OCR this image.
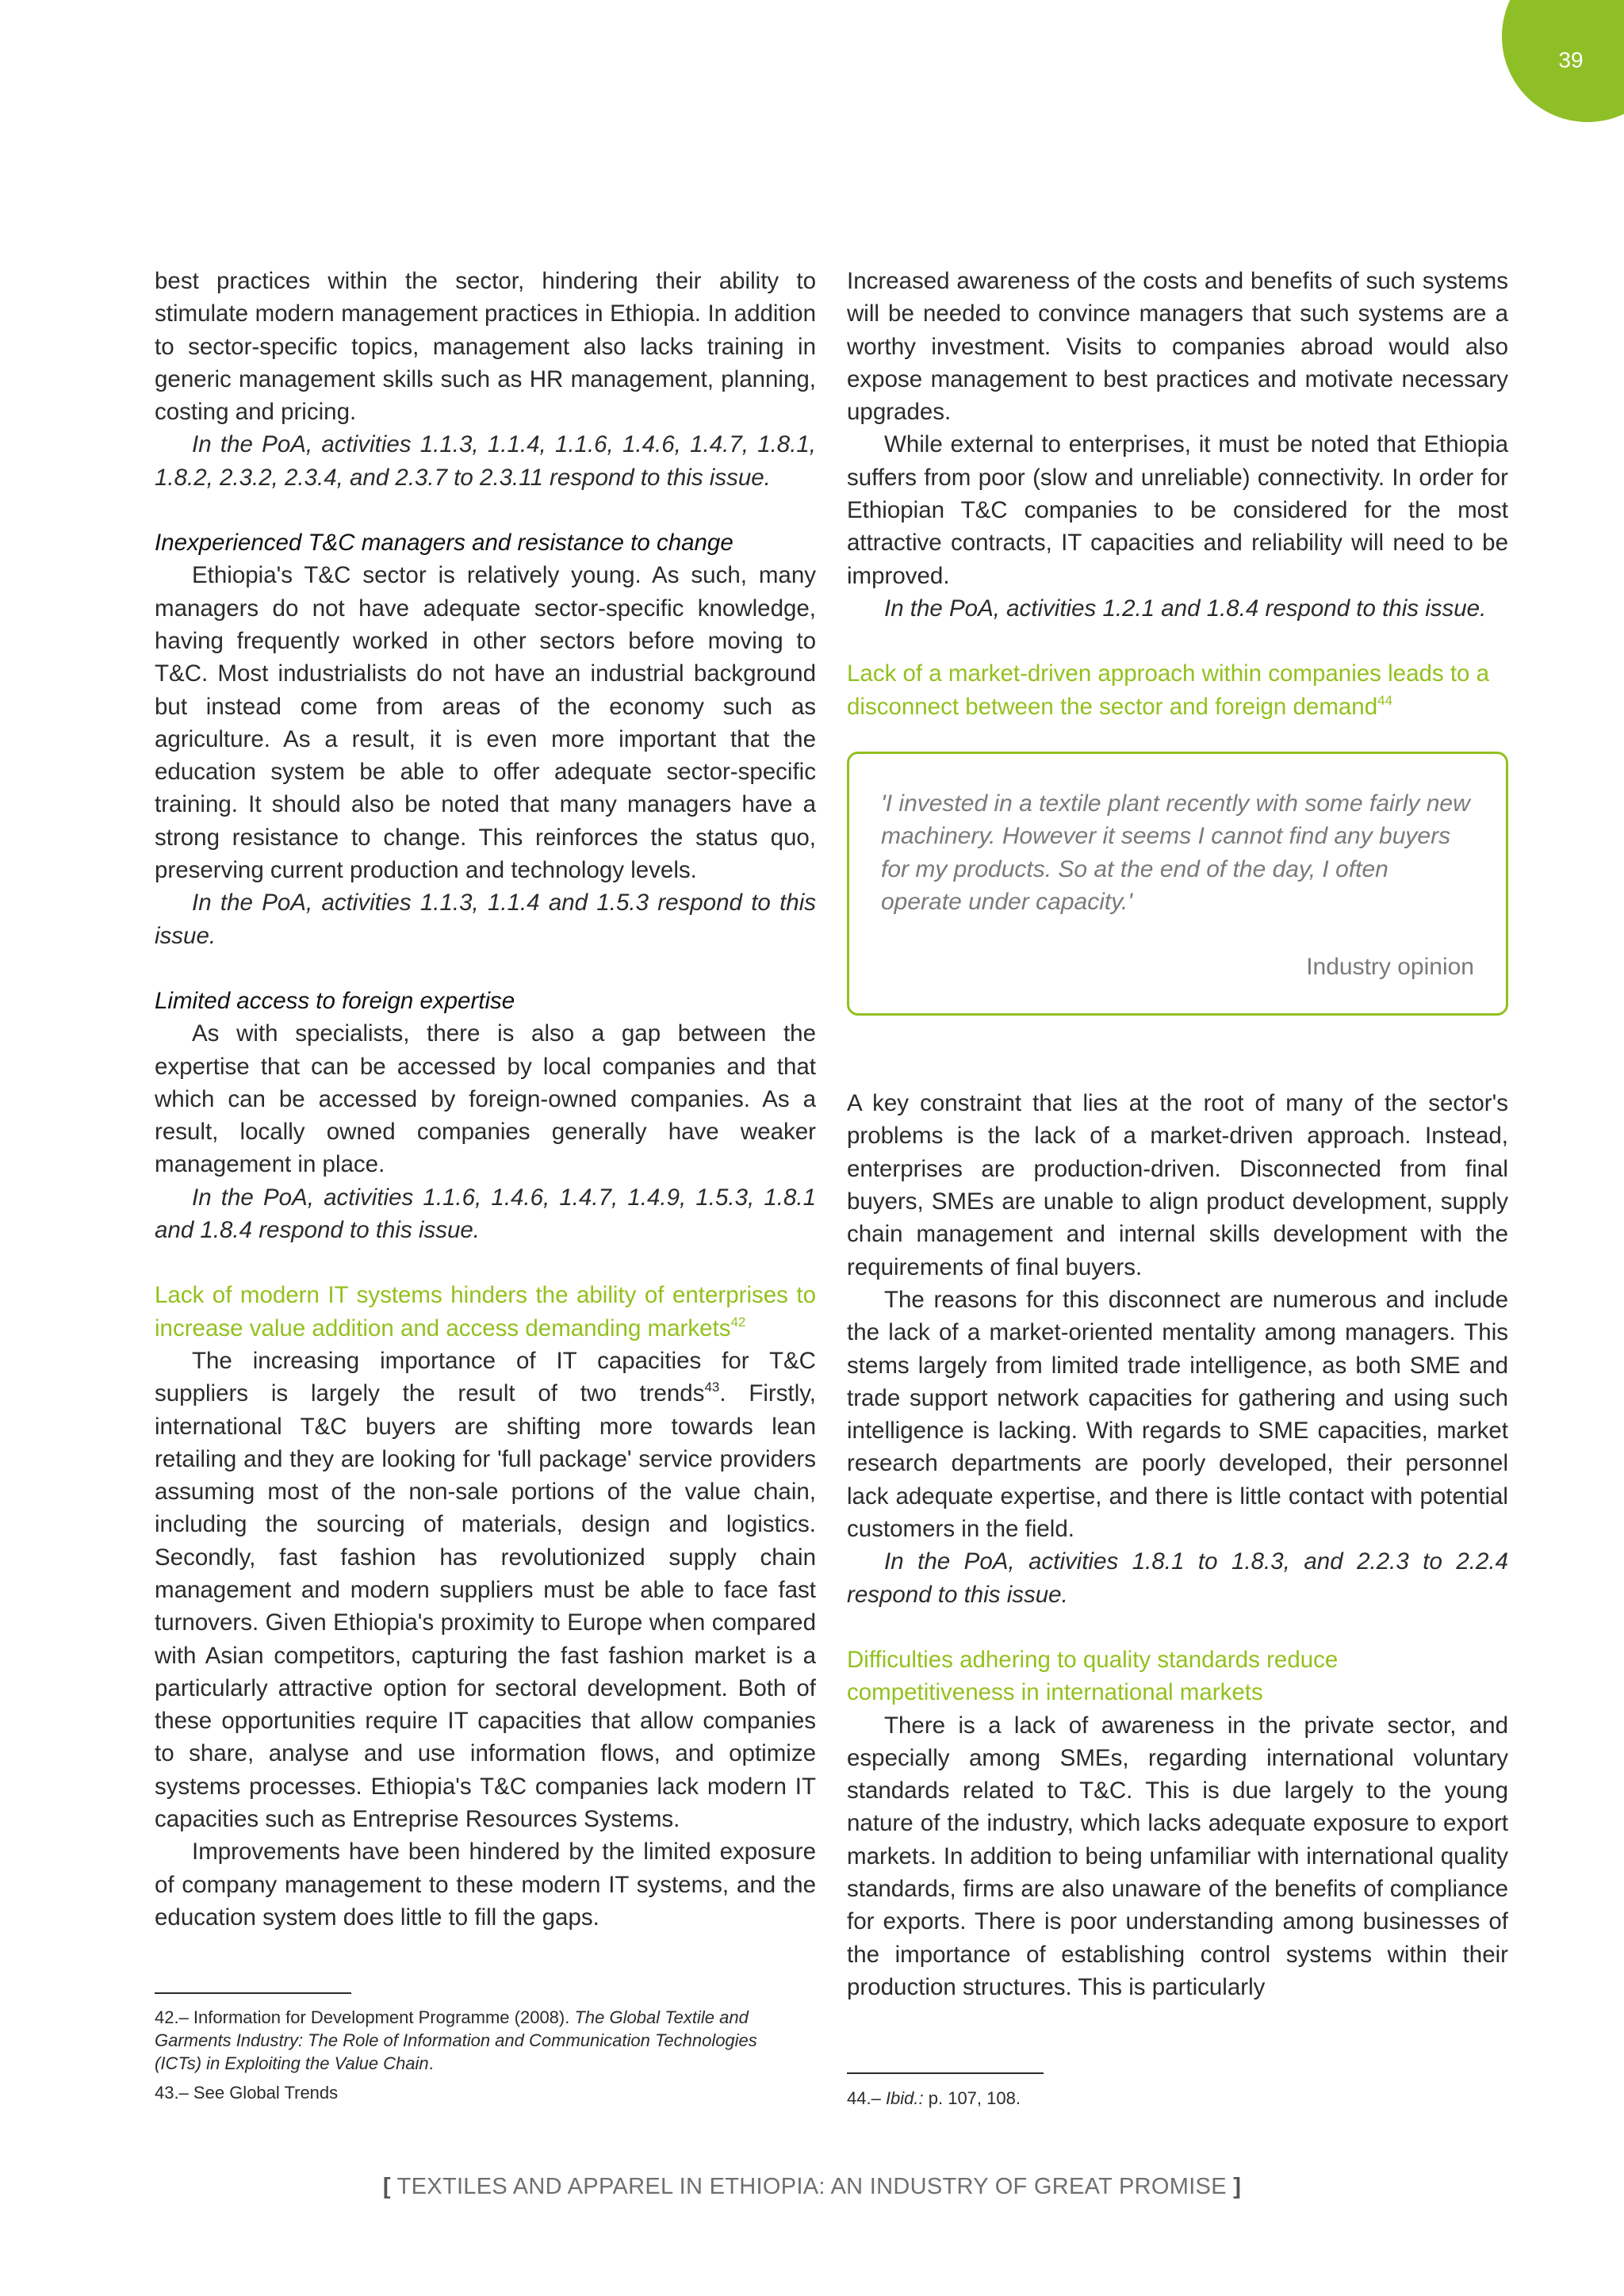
39

best practices within the sector, hindering their ability to stimulate modern management practices in Ethiopia. In addition to sector-specific topics, management also lacks training in generic management skills such as HR management, planning, costing and pricing.

In the PoA, activities 1.1.3, 1.1.4, 1.1.6, 1.4.6, 1.4.7, 1.8.1, 1.8.2, 2.3.2, 2.3.4, and 2.3.7 to 2.3.11 respond to this issue.

Inexperienced T&C managers and resistance to change

Ethiopia's T&C sector is relatively young. As such, many managers do not have adequate sector-specific knowledge, having frequently worked in other sectors before moving to T&C. Most industrialists do not have an industrial background but instead come from areas of the economy such as agriculture. As a result, it is even more important that the education system be able to offer adequate sector-specific training. It should also be noted that many managers have a strong resistance to change. This reinforces the status quo, preserving current production and technology levels.

In the PoA, activities 1.1.3, 1.1.4 and 1.5.3 respond to this issue.

Limited access to foreign expertise

As with specialists, there is also a gap between the expertise that can be accessed by local companies and that which can be accessed by foreign-owned companies. As a result, locally owned companies generally have weaker management in place.

In the PoA, activities 1.1.6, 1.4.6, 1.4.7, 1.4.9, 1.5.3, 1.8.1 and 1.8.4 respond to this issue.

Lack of modern IT systems hinders the ability of enterprises to increase value addition and access demanding markets$^{42}$

The increasing importance of IT capacities for T&C suppliers is largely the result of two trends$^{43}$. Firstly, international T&C buyers are shifting more towards lean retailing and they are looking for 'full package' service providers assuming most of the non-sale portions of the value chain, including the sourcing of materials, design and logistics. Secondly, fast fashion has revolutionized supply chain management and modern suppliers must be able to face fast turnovers. Given Ethiopia's proximity to Europe when compared with Asian competitors, capturing the fast fashion market is a particularly attractive option for sectoral development. Both of these opportunities require IT capacities that allow companies to share, analyse and use information flows, and optimize systems processes. Ethiopia's T&C companies lack modern IT capacities such as Entreprise Resources Systems.

Improvements have been hindered by the limited exposure of company management to these modern IT systems, and the education system does little to fill the gaps.

Increased awareness of the costs and benefits of such systems will be needed to convince managers that such systems are a worthy investment. Visits to companies abroad would also expose management to best practices and motivate necessary upgrades.

While external to enterprises, it must be noted that Ethiopia suffers from poor (slow and unreliable) connectivity. In order for Ethiopian T&C companies to be considered for the most attractive contracts, IT capacities and reliability will need to be improved.

In the PoA, activities 1.2.1 and 1.8.4 respond to this issue.

Lack of a market-driven approach within companies leads to a disconnect between the sector and foreign demand$^{44}$

'I invested in a textile plant recently with some fairly new machinery. However it seems I cannot find any buyers for my products. So at the end of the day, I often operate under capacity.'

Industry opinion

A key constraint that lies at the root of many of the sector's problems is the lack of a market-driven approach. Instead, enterprises are production-driven. Disconnected from final buyers, SMEs are unable to align product development, supply chain management and internal skills development with the requirements of final buyers.

The reasons for this disconnect are numerous and include the lack of a market-oriented mentality among managers. This stems largely from limited trade intelligence, as both SME and trade support network capacities for gathering and using such intelligence is lacking. With regards to SME capacities, market research departments are poorly developed, their personnel lack adequate expertise, and there is little contact with potential customers in the field.

In the PoA, activities 1.8.1 to 1.8.3, and 2.2.3 to 2.2.4 respond to this issue.

Difficulties adhering to quality standards reduce competitiveness in international markets

There is a lack of awareness in the private sector, and especially among SMEs, regarding international voluntary standards related to T&C. This is due largely to the young nature of the industry, which lacks adequate exposure to export markets. In addition to being unfamiliar with international quality standards, firms are also unaware of the benefits of compliance for exports. There is poor understanding among businesses of the importance of establishing control systems within their production structures. This is particularly

42.– Information for Development Programme (2008). The Global Textile and Garments Industry: The Role of Information and Communication Technologies (ICTs) in Exploiting the Value Chain.

43.– See Global Trends	44.– Ibid.: p. 107, 108.

[ TEXTILES AND APPAREL IN ETHIOPIA: AN INDUSTRY OF GREAT PROMISE ]
